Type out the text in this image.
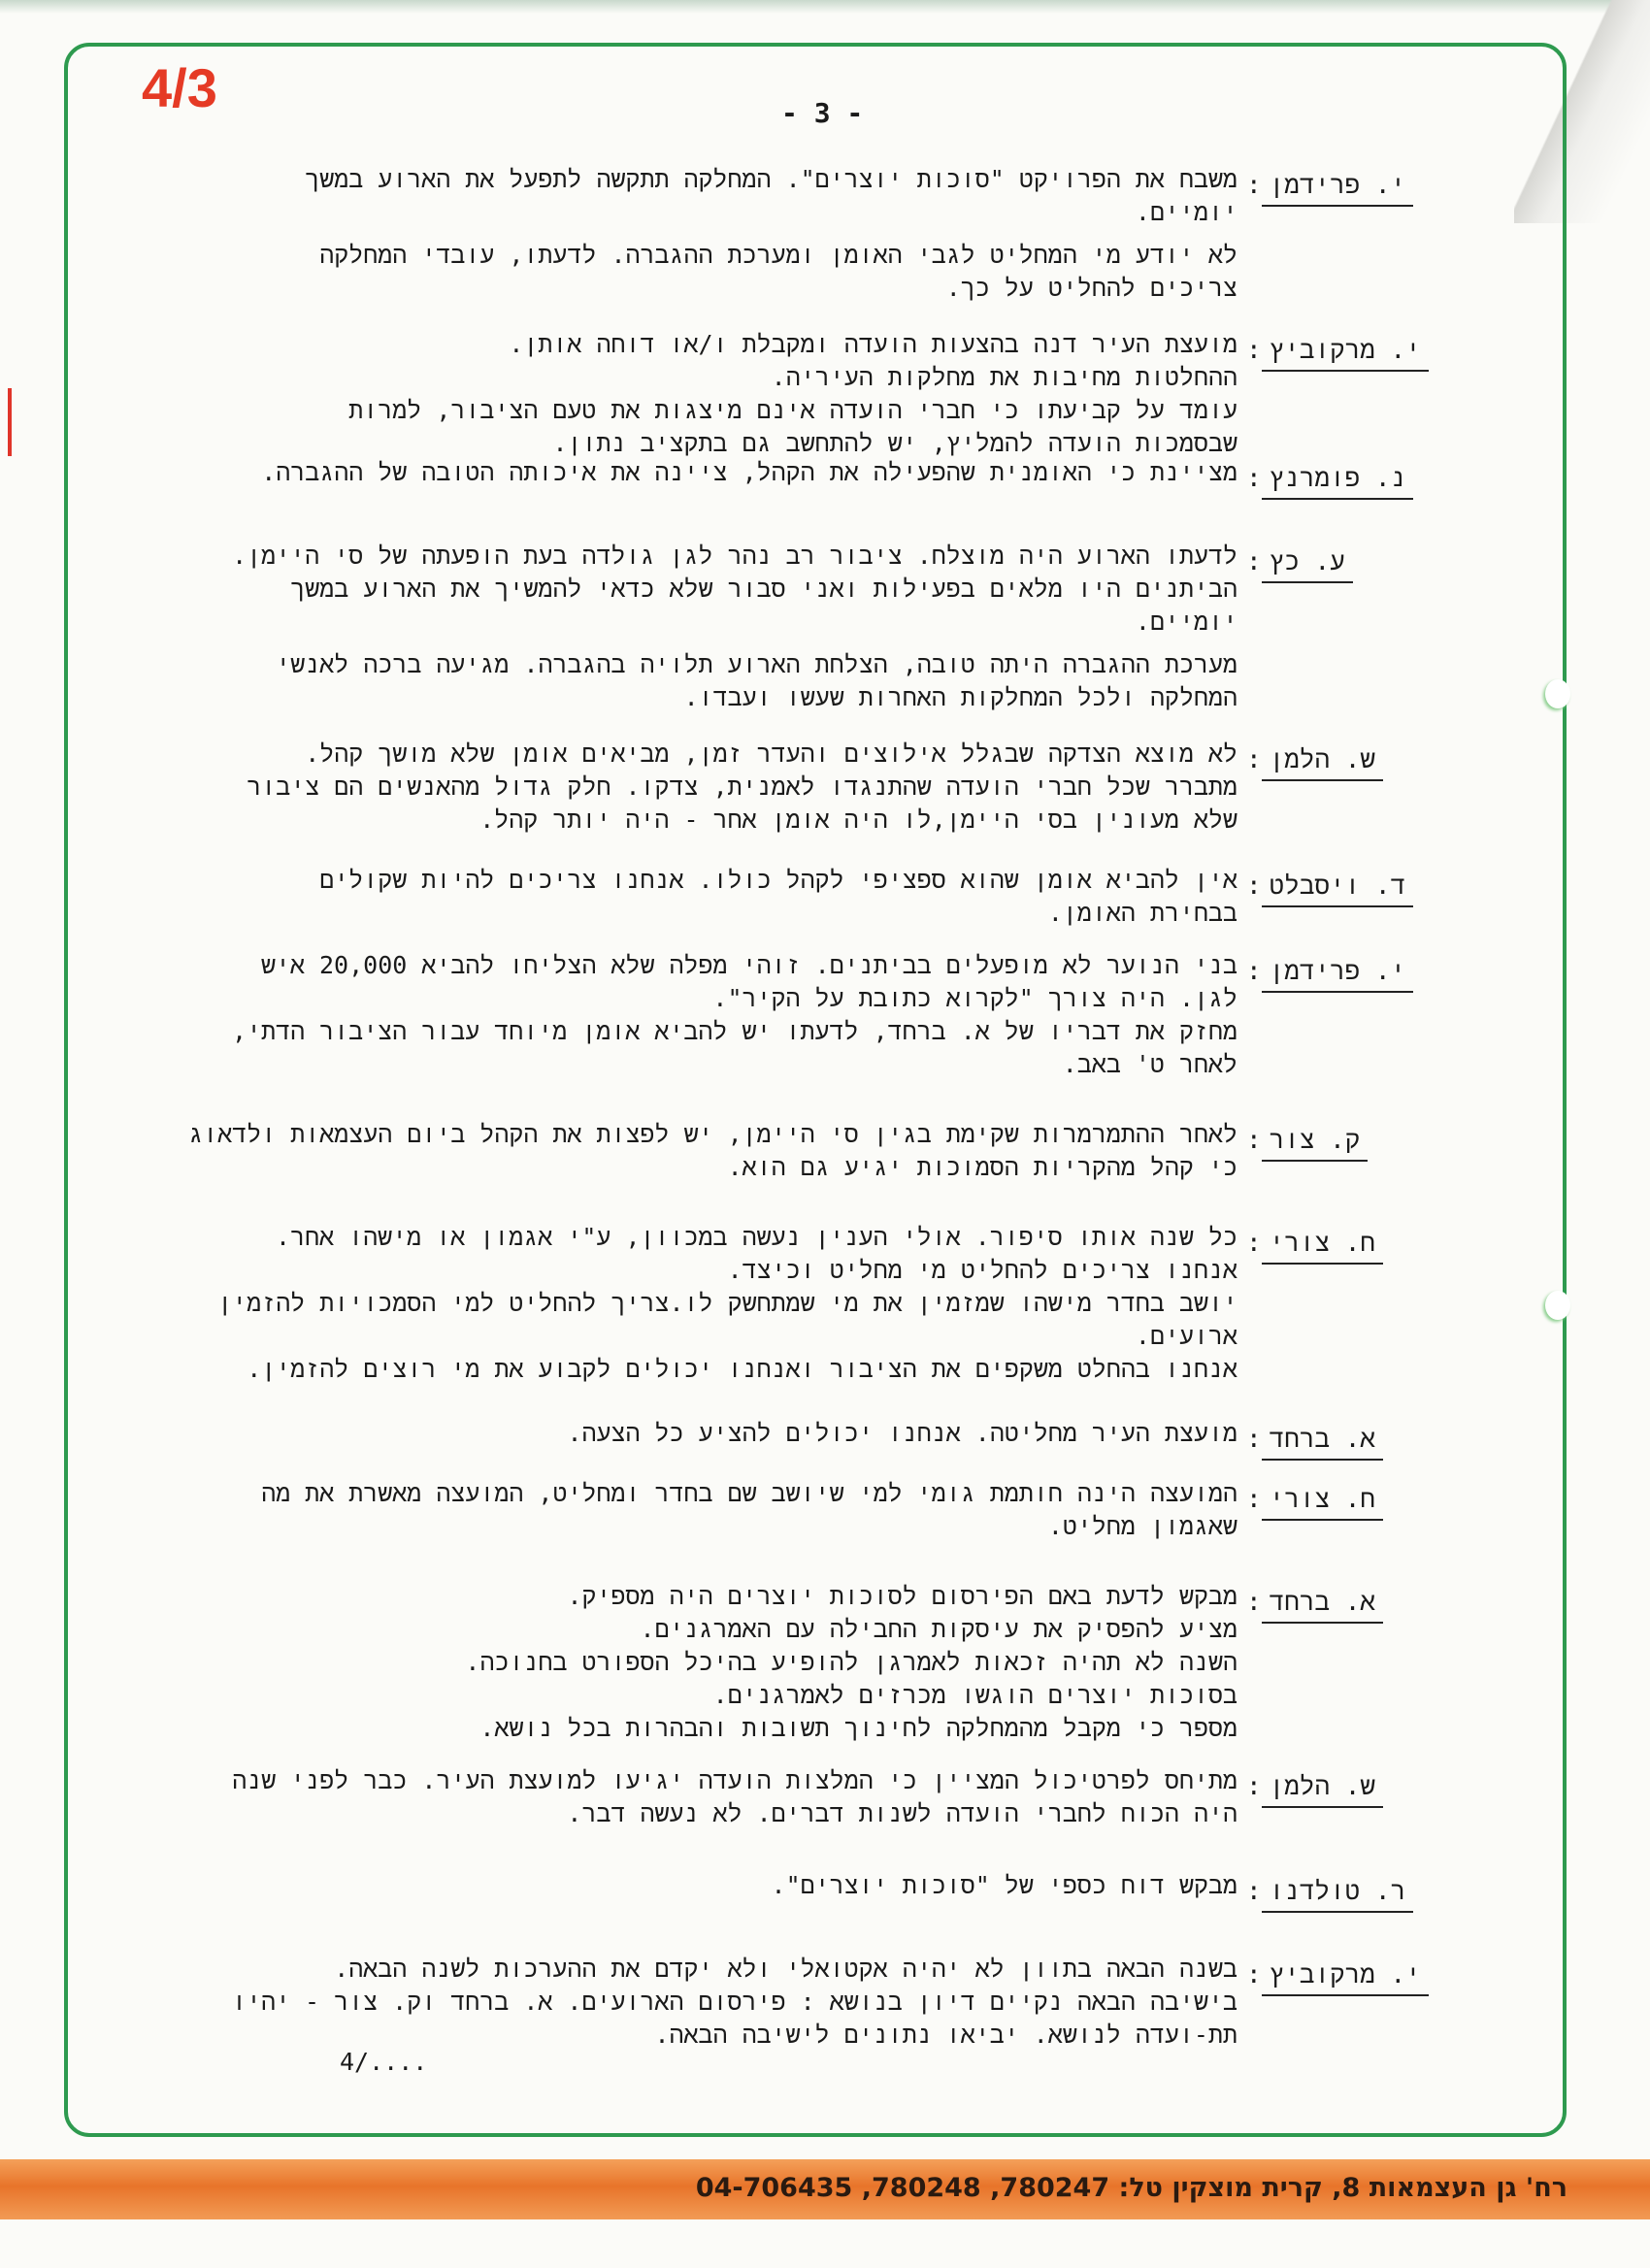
4/3	- 3 -
י. פרידמן:

משבח את הפרויקט "סוכות יוצרים". המחלקה תתקשה לתפעל את הארוע במשך

יומיים.

לא יודע מי המחליט לגבי האומן ומערכת ההגברה. לדעתו, עובדי המחלקה

צריכים להחליט על כך.

י. מרקוביץ:

מועצת העיר דנה בהצעות הועדה ומקבלת ו/או דוחה אותן.

ההחלטות מחיבות את מחלקות העיריה.

עומד על קביעתו כי חברי הועדה אינם מיצגות את טעם הציבור, למרות

שבסמכות הועדה להמליץ, יש להתחשב גם בתקציב נתון.

נ. פומרנץ:

מציינת כי האומנית שהפעילה את הקהל, ציינה את איכותה הטובה של ההגברה.

ע. כץ:

לדעתו הארוע היה מוצלח. ציבור רב נהר לגן גולדה בעת הופעתה של סי היימן.

הביתנים היו מלאים בפעילות ואני סבור שלא כדאי להמשיך את הארוע במשך

יומיים.

מערכת ההגברה היתה טובה, הצלחת הארוע תלויה בהגברה. מגיעה ברכה לאנשי

המחלקה ולכל המחלקות האחרות שעשו ועבדו.

ש. הלמן:

לא מוצא הצדקה שבגלל אילוצים והעדר זמן, מביאים אומן שלא מושך קהל.

מתברר שכל חברי הועדה שהתנגדו לאמנית, צדקו. חלק גדול מהאנשים הם ציבור

שלא מעונין בסי היימן,לו היה אומן אחר - היה יותר קהל.

ד. ויסבלט:

אין להביא אומן שהוא ספציפי לקהל כולו. אנחנו צריכים להיות שקולים

בבחירת האומן.

י. פרידמן:

בני הנוער לא מופעלים בביתנים. זוהי מפלה שלא הצליחו להביא 20,000 איש

לגן. היה צורך "לקרוא כתובת על הקיר".

מחזק את דבריו של א. ברחד, לדעתו יש להביא אומן מיוחד עבור הציבור הדתי,

לאחר ט' באב.

ק. צור:

לאחר ההתמרמרות שקימת בגין סי היימן, יש לפצות את הקהל ביום העצמאות ולדאוג

כי קהל מהקריות הסמוכות יגיע גם הוא.

ח. צורי:

כל שנה אותו סיפור. אולי הענין נעשה במכוון, ע"י אגמון או מישהו אחר.

אנחנו צריכים להחליט מי מחליט וכיצד.

יושב בחדר מישהו שמזמין את מי שמתחשק לו.צריך להחליט למי הסמכויות להזמין

ארועים.

אנחנו בהחלט משקפים את הציבור ואנחנו יכולים לקבוע את מי רוצים להזמין.

א. ברחד:

מועצת העיר מחליטה. אנחנו יכולים להציע כל הצעה.

ח. צורי:

המועצה הינה חותמת גומי למי שיושב שם בחדר ומחליט, המועצה מאשרת את מה

שאגמון מחליט.

א. ברחד:

מבקש לדעת באם הפירסום לסוכות יוצרים היה מספיק.

מציע להפסיק את עיסקות החבילה עם האמרגנים.

השנה לא תהיה זכאות לאמרגן להופיע בהיכל הספורט בחנוכה.

בסוכות יוצרים הוגשו מכרזים לאמרגנים.

מספר כי מקבל מהמחלקה לחינוך תשובות והבהרות בכל נושא.

ש. הלמן:

מתיחס לפרטיכול המציין כי המלצות הועדה יגיעו למועצת העיר. כבר לפני שנה

היה הכוח לחברי הועדה לשנות דברים. לא נעשה דבר.

ר. טולדנו:

מבקש דוח כספי של "סוכות יוצרים".

י. מרקוביץ:

בשנה הבאה בתוון לא יהיה אקטואלי ולא יקדם את ההערכות לשנה הבאה.

בישיבה הבאה נקיים דיון בנושא : פירסום הארועים. א. ברחד וק. צור - יהיו

תת-ועדה לנושא. יביאו נתונים לישיבה הבאה.

4/....
רח' גן העצמאות 8, קרית מוצקין טל: 780247, 780248, 04-706435
